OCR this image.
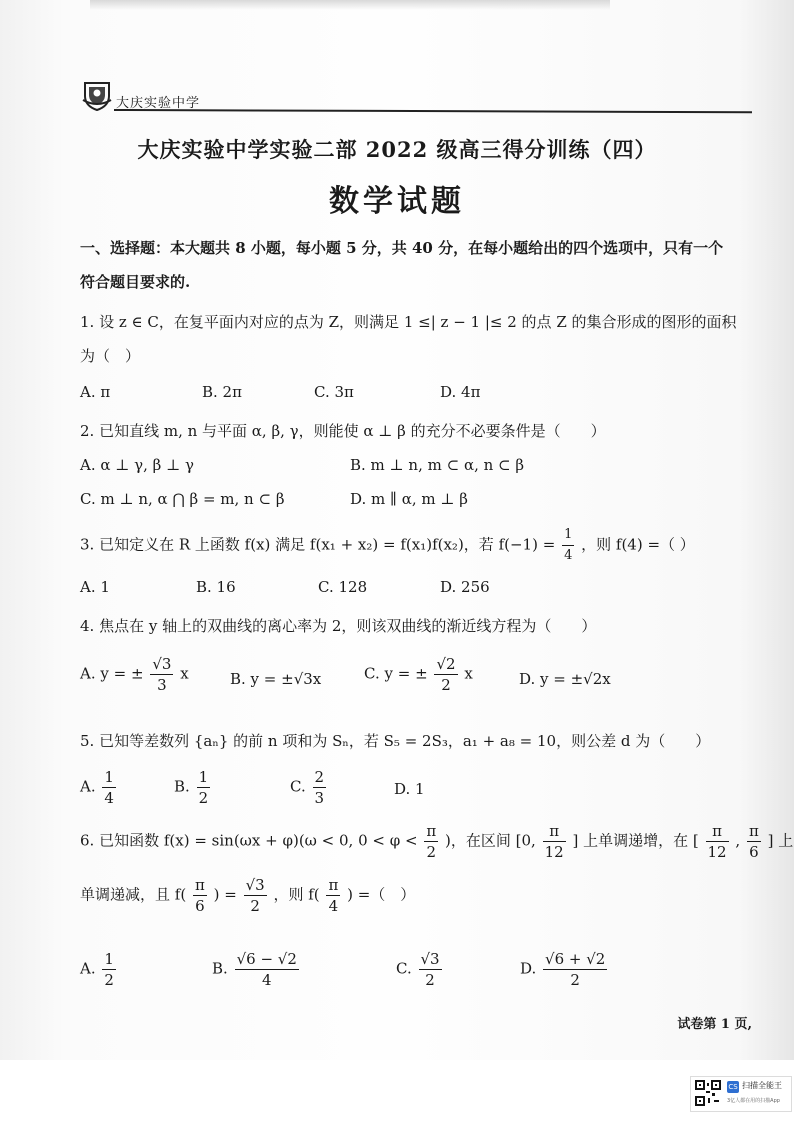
大庆实验中学
大庆实验中学实验二部 2022 级高三得分训练（四）
数学试题
一、选择题：本大题共 8 小题，每小题 5 分，共 40 分，在每小题给出的四个选项中，只有一个
符合题目要求的.
1. 设 z ∈ C，在复平面内对应的点为 Z，则满足 1 ≤| z − 1 |≤ 2 的点 Z 的集合形成的图形的面积
为（　）
A. π	B. 2π	C. 3π	D. 4π
2. 已知直线 m, n 与平面 α, β, γ，则能使 α ⊥ β 的充分不必要条件是（　　）
A. α ⊥ γ, β ⊥ γ	B. m ⊥ n, m ⊂ α, n ⊂ β
C. m ⊥ n, α ⋂ β = m, n ⊂ β	D. m ∥ α, m ⊥ β
3. 已知定义在 R 上函数 f(x) 满足 f(x₁ + x₂) = f(x₁)f(x₂)，若 $f(-1) = \frac{1}{4}$ ，则 f(4) =（ ）
A. 1	B. 16	C. 128	D. 256
4. 焦点在 y 轴上的双曲线的离心率为 2，则该双曲线的渐近线方程为（　　）
A. y = ± $\frac{√3}{3}$ x	B. y = ±√3x	C. y = ± $\frac{√2}{2}$ x	D. y = ±√2x
5. 已知等差数列 {aₙ} 的前 n 项和为 Sₙ，若 S₅ = 2S₃，a₁ + a₈ = 10，则公差 d 为（　　）
A. $\frac{1}{4}$	B. $\frac{1}{2}$	C. $\frac{2}{3}$	D. 1
6. 已知函数 f(x) = sin(ωx + φ)(ω < 0, $0 < \varphi < \frac{\pi}{2}$ )，在区间 [0, $\frac{\pi}{12}$ ] 上单调递增，在 [ $\frac{\pi}{12}$ , $\frac{\pi}{6}$ ] 上
单调递减，且 $f( \frac{\pi}{6}$ ) = $\frac{√3}{2}$ ，则 $f( \frac{\pi}{4}$ ) =（　）
A. $\frac{1}{2}$	B. $\frac{√6 - √2}{4}$	C. $\frac{√3}{2}$	D. $\frac{√6 + √2}{2}$
试卷第 1 页,
CS 扫描全能王
3亿人都在用的扫描App
